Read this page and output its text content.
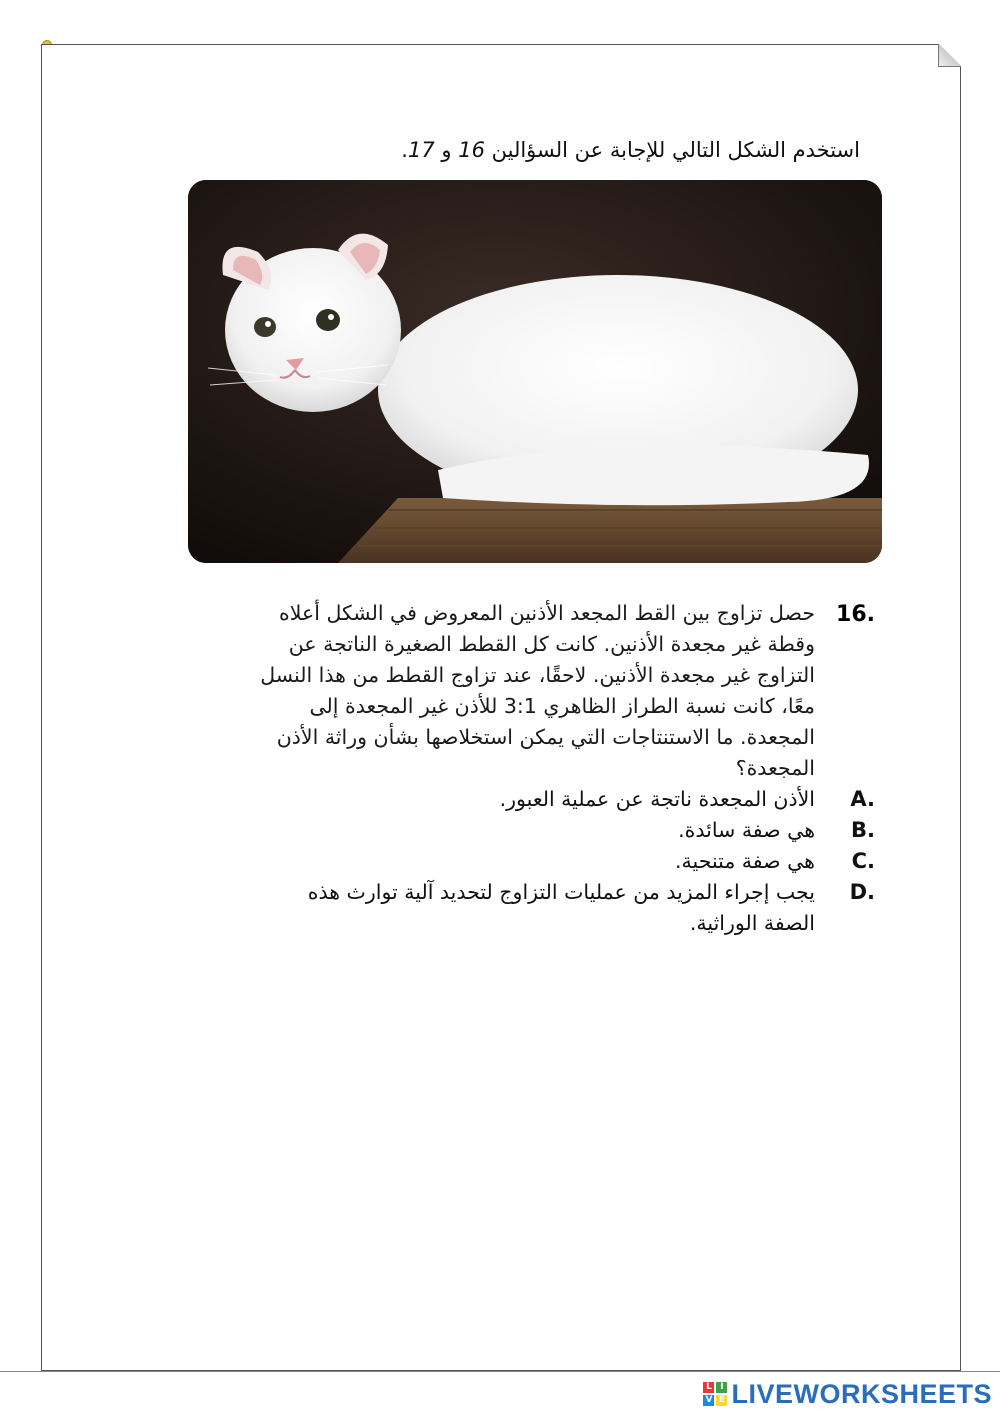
استخدم الشكل التالي للإجابة عن السؤالين 16 و 17.
16.
حصل تزاوج بين القط المجعد الأذنين المعروض في الشكل أعلاه وقطة غير مجعدة الأذنين. كانت كل القطط الصغيرة الناتجة عن التزاوج غير مجعدة الأذنين. لاحقًا، عند تزاوج القطط من هذا النسل معًا، كانت نسبة الطراز الظاهري 3:1 للأذن غير المجعدة إلى المجعدة. ما الاستنتاجات التي يمكن استخلاصها بشأن وراثة الأذن المجعدة؟
A.
الأذن المجعدة ناتجة عن عملية العبور.
B.
هي صفة سائدة.
C.
هي صفة متنحية.
D.
يجب إجراء المزيد من عمليات التزاوج لتحديد آلية توارث هذه الصفة الوراثية.
L I
V E LIVEWORKSHEETS
